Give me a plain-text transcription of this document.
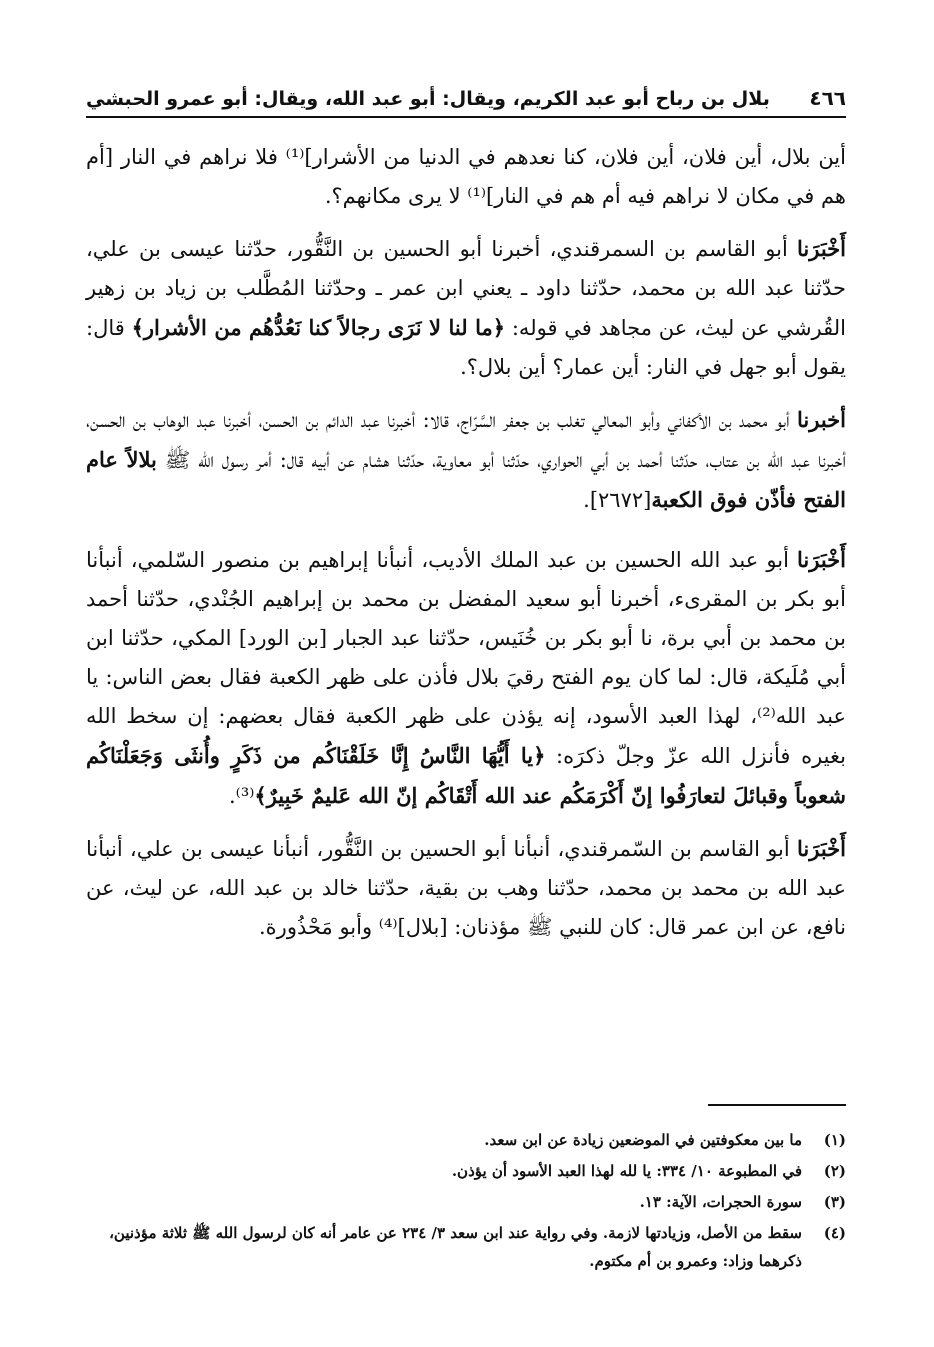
٤٦٦
بلال بن رباح أبو عبد الكريم، ويقال: أبو عبد الله، ويقال: أبو عمرو الحبشي

أين بلال، أين فلان، أين فلان، كنا نعدهم في الدنيا من الأشرار]⁽¹⁾ فلا نراهم في النار [أم هم في مكان لا نراهم فيه أم هم في النار]⁽¹⁾ لا يرى مكانهم؟.

أَخْبَرَنا أبو القاسم بن السمرقندي، أخبرنا أبو الحسين بن النَّقُّور، حدّثنا عيسى بن علي، حدّثنا عبد الله بن محمد، حدّثنا داود ـ يعني ابن عمر ـ وحدّثنا المُطَّلب بن زياد بن زهير القُرشي عن ليث، عن مجاهد في قوله: ﴿ما لنا لا نَرَى رجالاً كنا نَعُدُّهُم من الأشرار﴾ قال: يقول أبو جهل في النار: أين عمار؟ أين بلال؟.

أخبرنا أبو محمد بن الأكفاني وأبو المعالي تغلب بن جعفر السَّرّاج، قالا: أخبرنا عبد الدائم بن الحسن، أخبرنا عبد الوهاب بن الحسن، أخبرنا عبد الله بن عتاب، حدّثنا أحمد بن أبي الحواري، حدّثنا أبو معاوية، حدّثنا هشام عن أبيه قال: أمر رسول الله ﷺ بلالاً عام الفتح فأذّن فوق الكعبة[٢٦٧٢].

أَخْبَرَنا أبو عبد الله الحسين بن عبد الملك الأديب، أنبأنا إبراهيم بن منصور السّلمي، أنبأنا أبو بكر بن المقرىء، أخبرنا أبو سعيد المفضل بن محمد بن إبراهيم الجُنْدي، حدّثنا أحمد بن محمد بن أبي برة، نا أبو بكر بن خُنَيس، حدّثنا عبد الجبار [بن الورد] المكي، حدّثنا ابن أبي مُلَيكة، قال: لما كان يوم الفتح رقيَ بلال فأذن على ظهر الكعبة فقال بعض الناس: يا عبد الله⁽²⁾، لهذا العبد الأسود، إنه يؤذن على ظهر الكعبة فقال بعضهم: إن سخط الله بغيره فأنزل الله عزّ وجلّ ذكرَه: ﴿يا أَيُّهَا النَّاسُ إِنَّا خَلَقْنَاكُم من ذَكَرٍ وأُنثَى وَجَعَلْنَاكُم شعوباً وقبائلَ لتعارَفُوا إنّ أَكْرَمَكُم عند الله أَتْقَاكُم إنّ الله عَليمٌ خَبِيرٌ﴾⁽³⁾.

أَخْبَرَنا أبو القاسم بن السّمرقندي، أنبأنا أبو الحسين بن النَّقُّور، أنبأنا عيسى بن علي، أنبأنا عبد الله بن محمد بن محمد، حدّثنا وهب بن بقية، حدّثنا خالد بن عبد الله، عن ليث، عن نافع، عن ابن عمر قال: كان للنبي ﷺ مؤذنان: [بلال]⁽⁴⁾ وأبو مَحْذُورة.

(١)
ما بين معكوفتين في الموضعين زيادة عن ابن سعد.
(٢)
في المطبوعة ١٠/ ٣٣٤: يا لله لهذا العبد الأسود أن يؤذن.
(٣)
سورة الحجرات، الآية: ١٣.
(٤)
سقط من الأصل، وزيادتها لازمة. وفي رواية عند ابن سعد ٣/ ٢٣٤ عن عامر أنه كان لرسول الله ﷺ ثلاثة مؤذنين، ذكرهما وزاد: وعمرو بن أم مكتوم.
